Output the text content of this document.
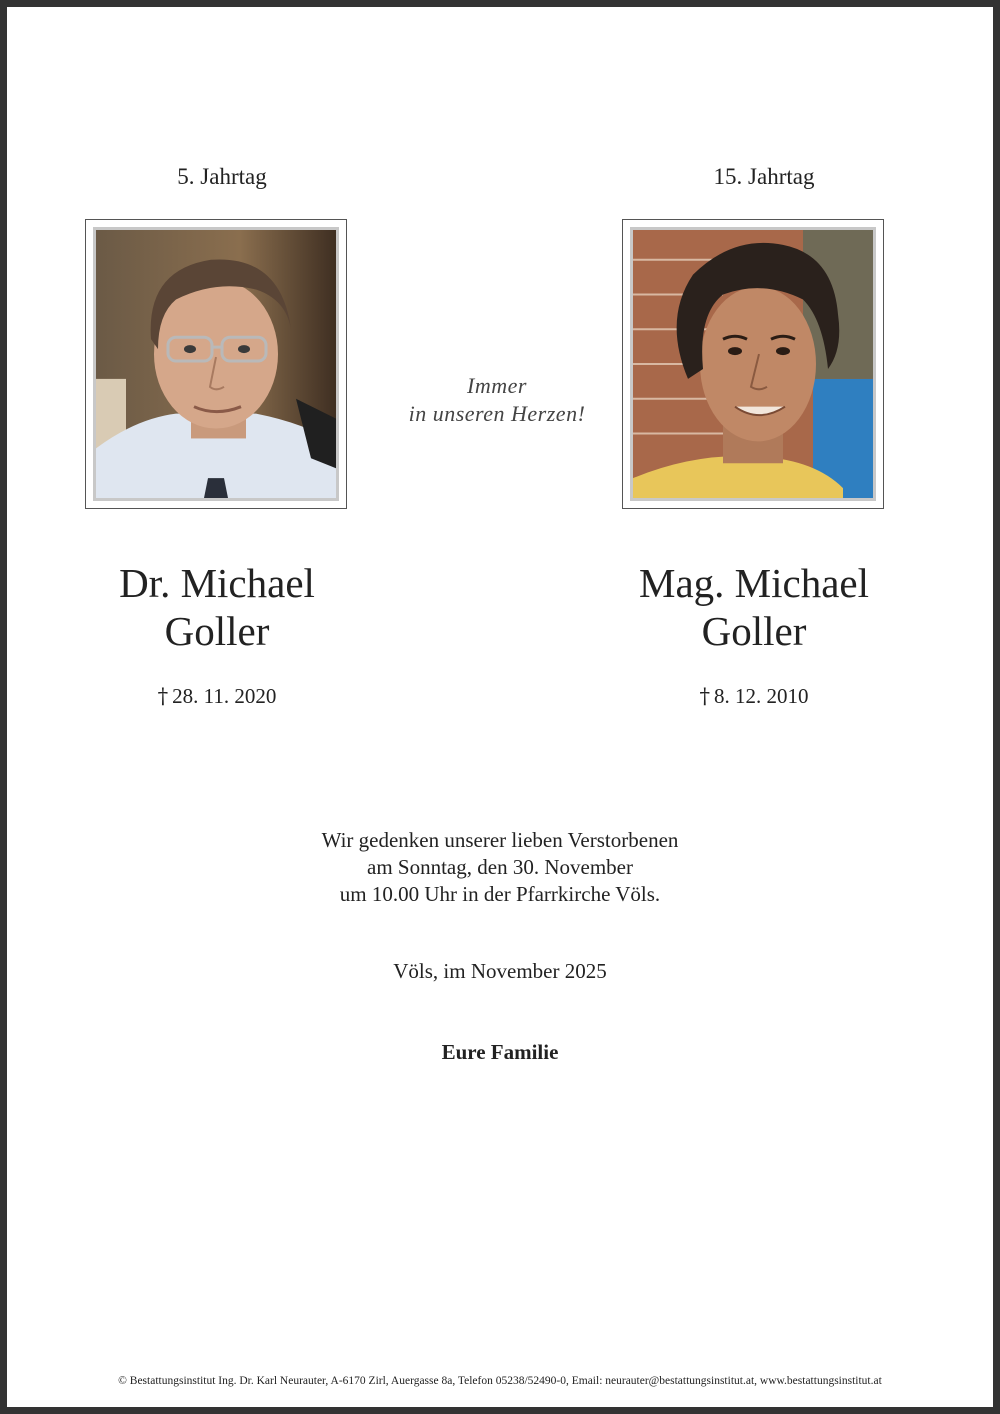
5. Jahrtag
Dr. Michael
Goller
† 28. 11. 2020
Immer
in unseren Herzen!
15. Jahrtag
Mag. Michael
Goller
† 8. 12. 2010
Wir gedenken unserer lieben Verstorbenen
am Sonntag, den 30. November
um 10.00 Uhr in der Pfarrkirche Völs.
Völs, im November 2025
Eure Familie
© Bestattungsinstitut Ing. Dr. Karl Neurauter, A-6170 Zirl, Auergasse 8a, Telefon 05238/52490-0, Email: neurauter@bestattungsinstitut.at, www.bestattungsinstitut.at
